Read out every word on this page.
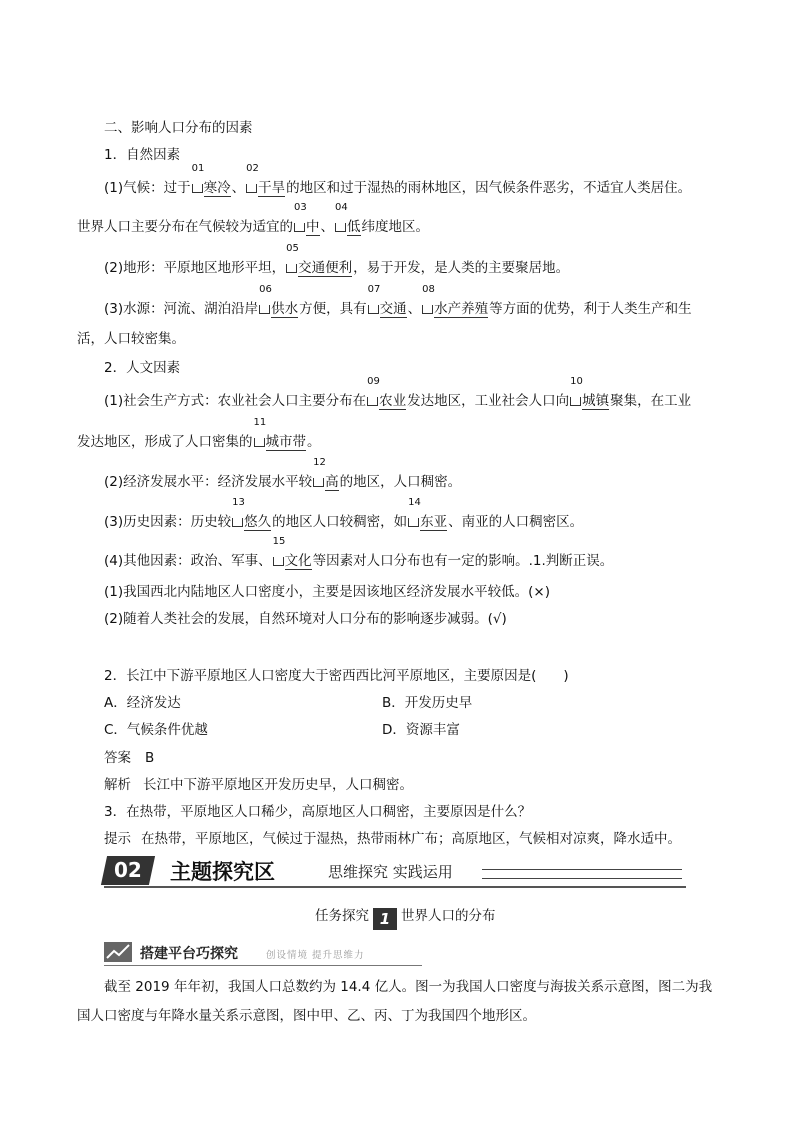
二、影响人口分布的因素
1．自然因素
(1)气候：过于
01
寒冷、
02
干旱的地区和过于湿热的雨林地区，因气候条件恶劣，不适宜人类居住。
世界人口主要分布在气候较为适宜的
03
中、
04
低纬度地区。
(2)地形：平原地区地形平坦，
05
交通便利，易于开发，是人类的主要聚居地。
(3)水源：河流、湖泊沿岸
06
供水方便，具有
07
交通、
08
水产养殖等方面的优势，利于人类生产和生
活，人口较密集。
2．人文因素
(1)社会生产方式：农业社会人口主要分布在
09
农业发达地区，工业社会人口向
10
城镇聚集，在工业
发达地区，形成了人口密集的
11
城市带。
(2)经济发展水平：经济发展水平较
12
高的地区，人口稠密。
(3)历史因素：历史较
13
悠久的地区人口较稠密，如
14
东亚、南亚的人口稠密区。
(4)其他因素：政治、军事、
15
文化等因素对人口分布也有一定的影响。.1.判断正误。
(1)我国西北内陆地区人口密度小，主要是因该地区经济发展水平较低。(×)
(2)随着人类社会的发展，自然环境对人口分布的影响逐步减弱。(√)
2．长江中下游平原地区人口密度大于密西西比河平原地区，主要原因是(　　)
A．经济发达	B．开发历史早
C．气候条件优越	D．资源丰富
答案 B
解析 长江中下游平原地区开发历史早，人口稠密。
3．在热带，平原地区人口稀少，高原地区人口稠密，主要原因是什么？
提示 在热带，平原地区，气候过于湿热，热带雨林广布；高原地区，气候相对凉爽，降水适中。
02	主题探究区	思维探究 实践运用
任务探究 1 世界人口的分布
搭建平台巧探究	创设情境 提升思维力
截至 2019 年年初，我国人口总数约为 14.4 亿人。图一为我国人口密度与海拔关系示意图，图二为我
国人口密度与年降水量关系示意图，图中甲、乙、丙、丁为我国四个地形区。
